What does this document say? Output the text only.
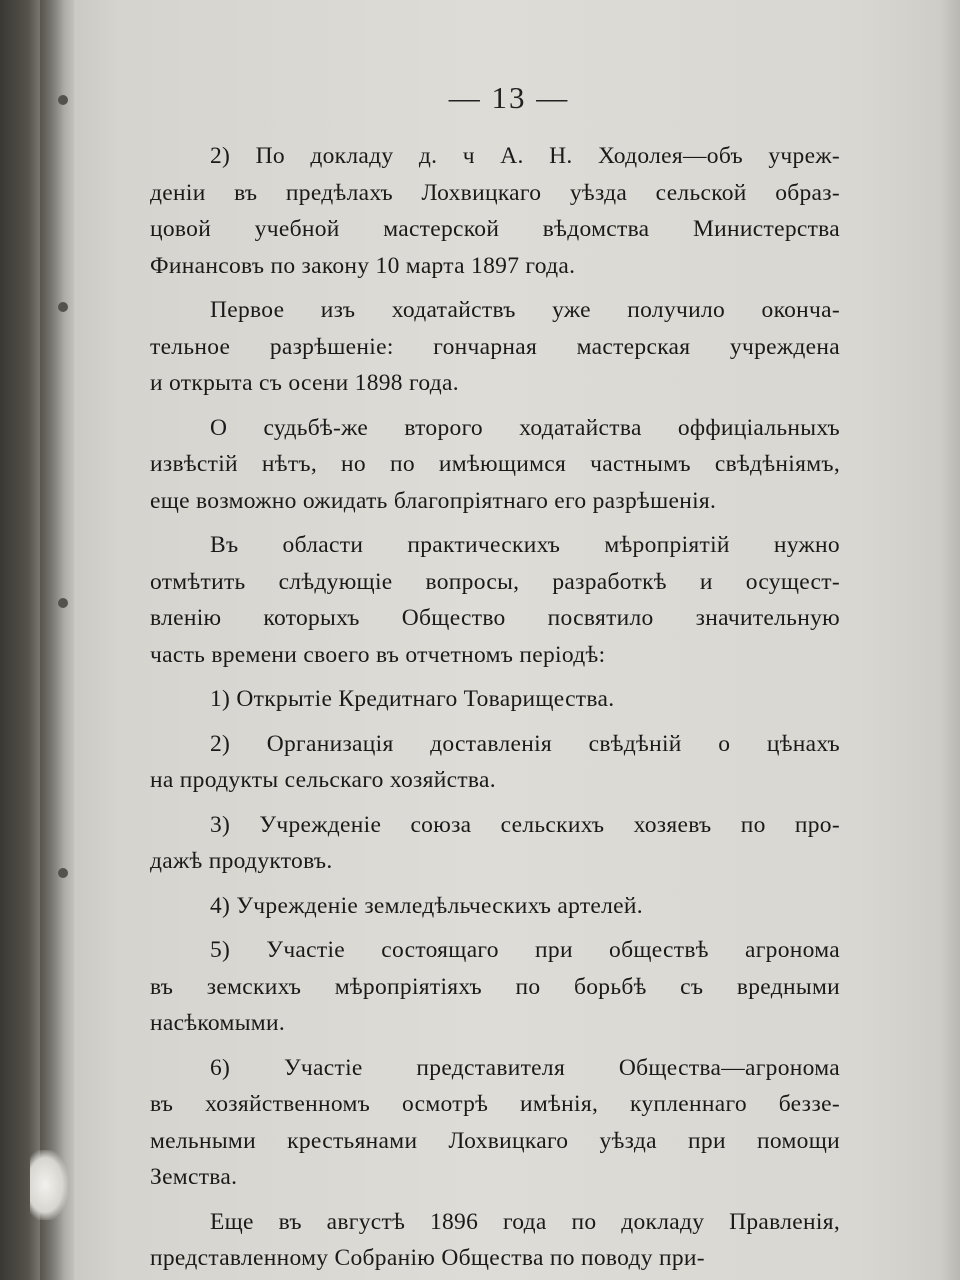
— 13 —
2) По докладу д. ч А. Н. Ходолея—объ учреж-
деніи въ предѣлахъ Лохвицкаго уѣзда сельской образ-
цовой учебной мастерской вѣдомства Министерства
Финансовъ по закону 10 марта 1897 года.
Первое изъ ходатайствъ уже получило оконча-
тельное разрѣшеніе: гончарная мастерская учреждена
и открыта съ осени 1898 года.
О судьбѣ-же второго ходатайства оффиціальныхъ
извѣстій нѣтъ, но по имѣющимся частнымъ свѣдѣніямъ,
еще возможно ожидать благопріятнаго его разрѣшенія.
Въ области практическихъ мѣропріятій нужно
отмѣтить слѣдующіе вопросы, разработкѣ и осущест-
вленію которыхъ Общество посвятило значительную
часть времени своего въ отчетномъ періодѣ:
1) Открытіе Кредитнаго Товарищества.
2) Организація доставленія свѣдѣній о цѣнахъ
на продукты сельскаго хозяйства.
3) Учрежденіе союза сельскихъ хозяевъ по про-
дажѣ продуктовъ.
4) Учрежденіе земледѣльческихъ артелей.
5) Участіе состоящаго при обществѣ агронома
въ земскихъ мѣропріятіяхъ по борьбѣ съ вредными
насѣкомыми.
6) Участіе представителя Общества—агронома
въ хозяйственномъ осмотрѣ имѣнія, купленнаго беззе-
мельными крестьянами Лохвицкаго уѣзда при помощи
Земства.
Еще въ августѣ 1896 года по докладу Правленія,
представленному Собранію Общества по поводу при-
